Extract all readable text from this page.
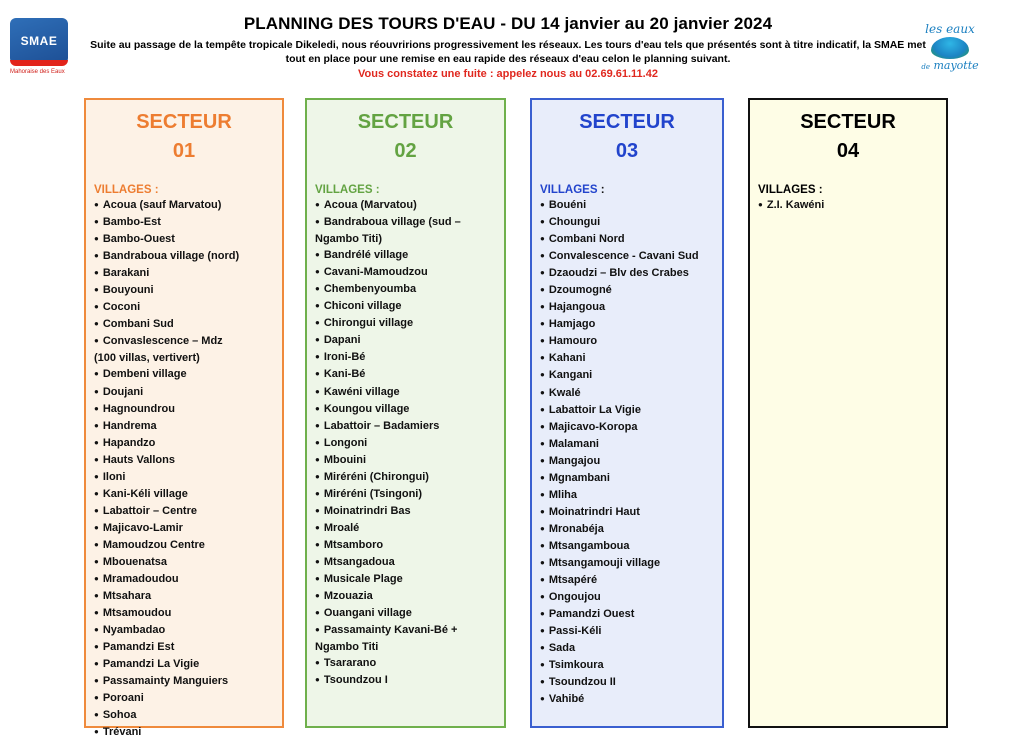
SMAE
Mahoraise des Eaux
les eaux
de mayotte
PLANNING DES TOURS D'EAU - DU 14 janvier au 20 janvier 2024

Suite au passage de la tempête tropicale Dikeledi, nous réouvririons progressivement les réseaux. Les tours d'eau tels que présentés sont à titre indicatif, la SMAE met tout en place pour une remise en eau rapide des réseaux d'eau celon le planning suivant.

Vous constatez une fuite : appelez nous au 02.69.61.11.42
SECTEUR
01
VILLAGES :
● Acoua (sauf Marvatou)
● Bambo-Est
● Bambo-Ouest
● Bandraboua village (nord)
● Barakani
● Bouyouni
● Coconi
● Combani Sud
● Convaslescence – Mdz
(100 villas, vertivert)
● Dembeni village
● Doujani
● Hagnoundrou
● Handrema
● Hapandzo
● Hauts Vallons
● Iloni
● Kani-Kéli village
● Labattoir – Centre
● Majicavo-Lamir
● Mamoudzou Centre
● Mbouenatsa
● Mramadoudou
● Mtsahara
● Mtsamoudou
● Nyambadao
● Pamandzi Est
● Pamandzi La Vigie
● Passamainty Manguiers
● Poroani
● Sohoa
● Trévani
SECTEUR
02
VILLAGES :
● Acoua (Marvatou)
● Bandraboua village (sud –
Ngambo Titi)
● Bandrélé village
● Cavani-Mamoudzou
● Chembenyoumba
● Chiconi village
● Chirongui village
● Dapani
● Ironi-Bé
● Kani-Bé
● Kawéni village
● Koungou village
● Labattoir – Badamiers
● Longoni
● Mbouini
● Miréréni (Chirongui)
● Miréréni (Tsingoni)
● Moinatrindri Bas
● Mroalé
● Mtsamboro
● Mtsangadoua
● Musicale Plage
● Mzouazia
● Ouangani village
● Passamainty Kavani-Bé +
Ngambo Titi
● Tsararano
● Tsoundzou I
SECTEUR
03
VILLAGES :
● Bouéni
● Choungui
● Combani Nord
● Convalescence - Cavani Sud
● Dzaoudzi – Blv des Crabes
● Dzoumogné
● Hajangoua
● Hamjago
● Hamouro
● Kahani
● Kangani
● Kwalé
● Labattoir La Vigie
● Majicavo-Koropa
● Malamani
● Mangajou
● Mgnambani
● Mliha
● Moinatrindri Haut
● Mronabéja
● Mtsangamboua
● Mtsangamouji village
● Mtsapéré
● Ongoujou
● Pamandzi Ouest
● Passi-Kéli
● Sada
● Tsimkoura
● Tsoundzou II
● Vahibé
SECTEUR
04
VILLAGES :
● Z.I. Kawéni
